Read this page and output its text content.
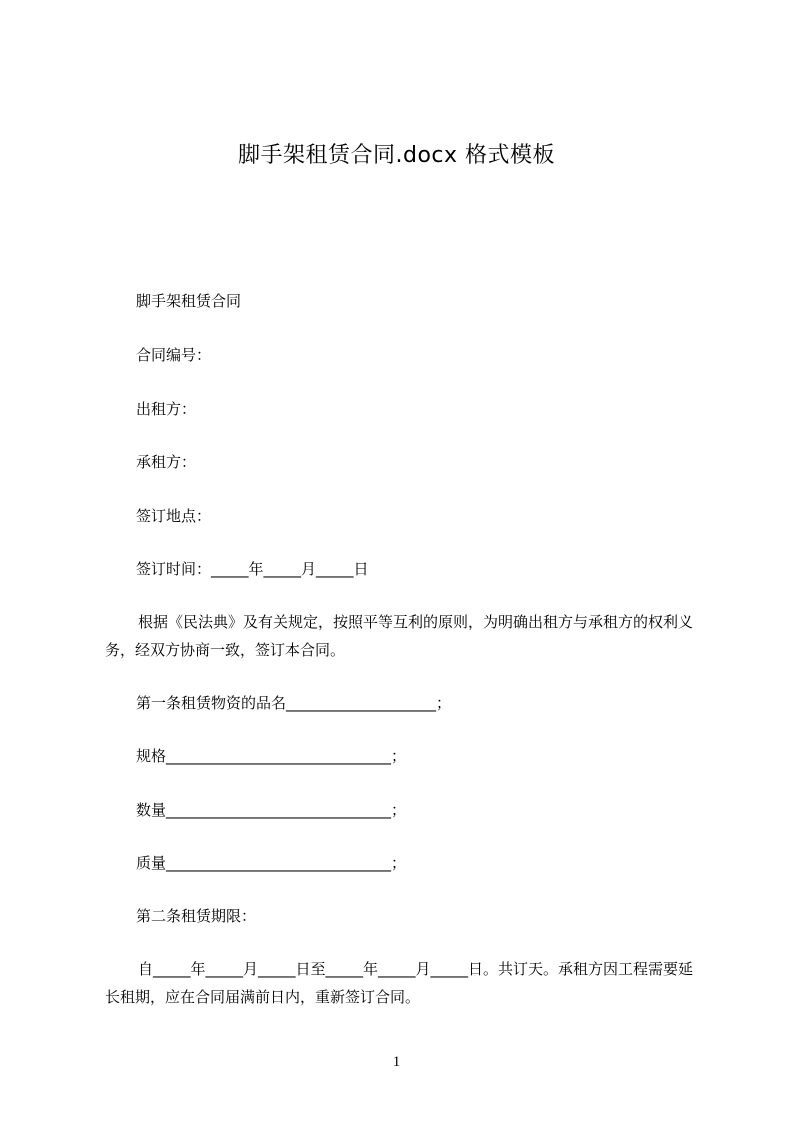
脚手架租赁合同.docx 格式模板
脚手架租赁合同
合同编号：
出租方：
承租方：
签订地点：
签订时间：_____年_____月_____日
根据《民法典》及有关规定，按照平等互利的原则，为明确出租方与承租方的权利义务，经双方协商一致，签订本合同。
第一条租赁物资的品名____________________；
规格______________________________；
数量______________________________；
质量______________________________；
第二条租赁期限：
自_____年_____月_____日至_____年_____月_____日。共订天。承租方因工程需要延长租期，应在合同届满前日内，重新签订合同。
1
